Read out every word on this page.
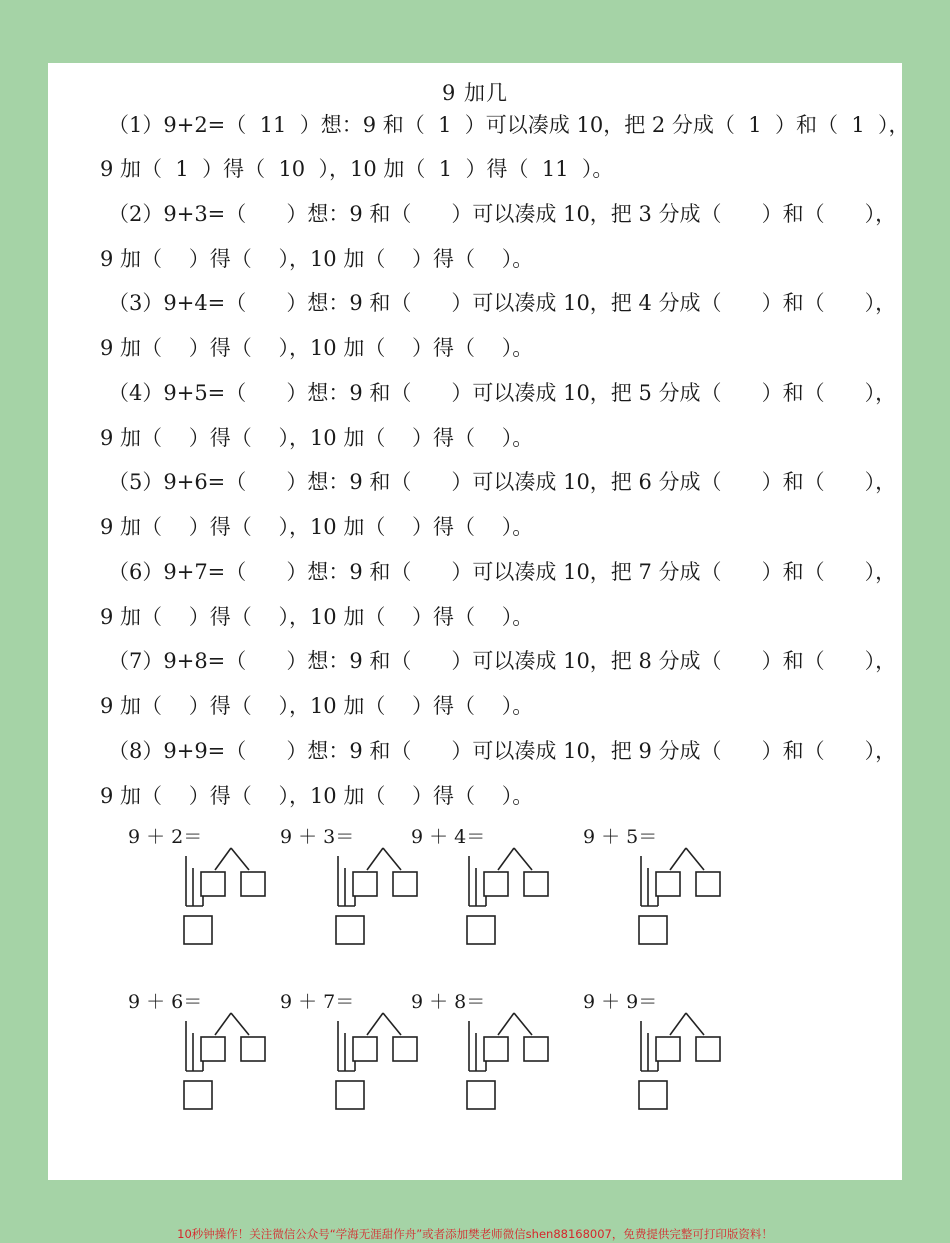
9 加几
（1）9+2=（  11  ）想：9 和（  1  ）可以凑成 10，把 2 分成（  1  ）和（  1  ），
9 加（  1  ）得（  10  ），10 加（  1  ）得（  11  ）。
（2）9+3=（      ）想：9 和（      ）可以凑成 10，把 3 分成（      ）和（      ），
9 加（    ）得（    ），10 加（    ）得（    ）。
（3）9+4=（      ）想：9 和（      ）可以凑成 10，把 4 分成（      ）和（      ），
9 加（    ）得（    ），10 加（    ）得（    ）。
（4）9+5=（      ）想：9 和（      ）可以凑成 10，把 5 分成（      ）和（      ），
9 加（    ）得（    ），10 加（    ）得（    ）。
（5）9+6=（      ）想：9 和（      ）可以凑成 10，把 6 分成（      ）和（      ），
9 加（    ）得（    ），10 加（    ）得（    ）。
（6）9+7=（      ）想：9 和（      ）可以凑成 10，把 7 分成（      ）和（      ），
9 加（    ）得（    ），10 加（    ）得（    ）。
（7）9+8=（      ）想：9 和（      ）可以凑成 10，把 8 分成（      ）和（      ），
9 加（    ）得（    ），10 加（    ）得（    ）。
（8）9+9=（      ）想：9 和（      ）可以凑成 10，把 9 分成（      ）和（      ），
9 加（    ）得（    ），10 加（    ）得（    ）。
9 ＋ 2＝	9 ＋ 3＝	9 ＋ 4＝	9 ＋ 5＝
9 ＋ 6＝	9 ＋ 7＝	9 ＋ 8＝	9 ＋ 9＝
10秒钟操作！关注微信公众号“学海无涯甜作舟”或者添加樊老师微信shen88168007，免费提供完整可打印版资料！
